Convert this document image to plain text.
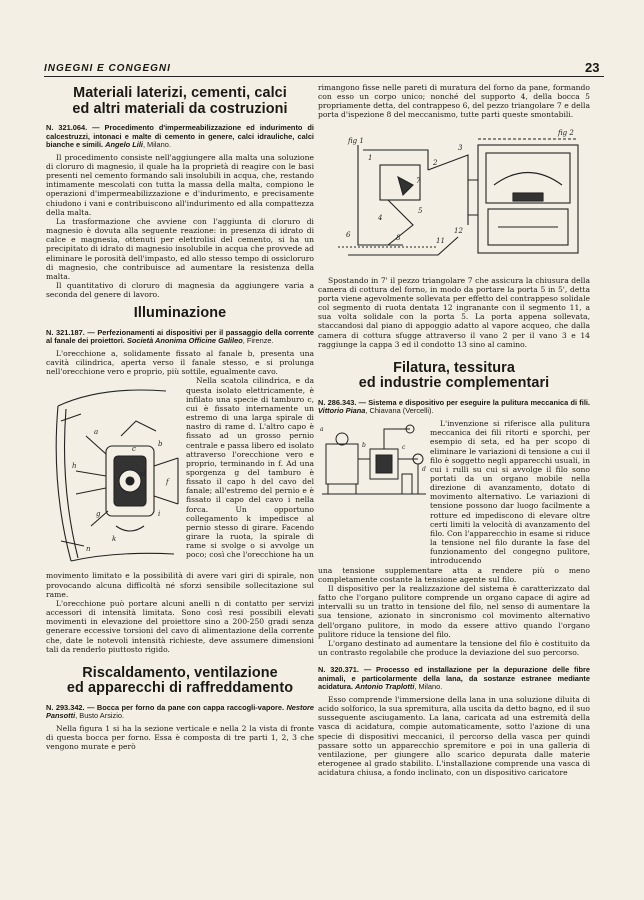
INGEGNI E CONGEGNI	23

Materiali laterizi, cementi, calci
ed altri materiali da costruzioni

N. 321.064. — Procedimento d'impermeabilizzazione ed indurimento di calcestruzzi, intonaci e malte di cemento in genere, calci idrauliche, calci bianche e simili. Angelo Lili, Milano.

Il procedimento consiste nell'aggiungere alla malta una soluzione di cloruro di magnesio, il quale ha la proprietà di reagire con le basi presenti nel cemento formando sali insolubili in acqua, che, restando intimamente mescolati con tutta la massa della malta, compiono le operazioni d'impermeabilizzazione e d'indurimento, e precisamente chiudono i vani e contribuiscono all'indurimento ed alla compattezza della malta.

La trasformazione che avviene con l'aggiunta di cloruro di magnesio è dovuta alla seguente reazione: in presenza di idrato di calce e magnesia, ottenuti per elettrolisi del cemento, si ha un precipitato di idrato di magnesio insolubile in acqua che provvede ad eliminare le porosità dell'impasto, ed allo stesso tempo di ossicloruro di magnesio, che contribuisce ad aumentare la resistenza della malta.

Il quantitativo di cloruro di magnesia da aggiungere varia a seconda del genere di lavoro.

Illuminazione

N. 321.187. — Perfezionamenti ai dispositivi per il passaggio della corrente al fanale dei proiettori. Società Anonima Officine Galileo, Firenze.

L'orecchione a, solidamente fissato al fanale b, presenta una cavità cilindrica, aperta verso il fanale stesso, e si prolunga nell'orecchione vero e proprio, più sottile, egualmente cavo.

a
b
c
d
f
g
h
i
k
n

Nella scatola cilindrica, e da questa isolato elettricamente, è infilato una specie di tamburo c, cui è fissato internamente un estremo di una larga spirale di nastro di rame d. L'altro capo è fissato ad un grosso pernio centrale e passa libero ed isolato attraverso l'orecchione vero e proprio, terminando in f. Ad una sporgenza g del tamburo è fissato il capo h del cavo del fanale; all'estremo del pernio e è fissato il capo del cavo i nella forca. Un opportuno collegamento k impedisce al pernio stesso di girare. Facendo girare la ruota, la spirale di rame si svolge o si avvolge un poco; così che l'orecchione ha un

movimento limitato e la possibilità di avere vari giri di spirale, non provocando alcuna difficoltà né sforzi sensibile sollecitazione sul rame.

L'orecchione può portare alcuni anelli n di contatto per servizi accessori di intensità limitata. Sono così resi possibili elevati movimenti in elevazione del proiettore sino a 200-250 gradi senza generare eccessive torsioni del cavo di alimentazione della corrente che, date le notevoli intensità richieste, deve assumere dimensioni tali da renderlo piuttosto rigido.

Riscaldamento, ventilazione
ed apparecchi di raffreddamento

N. 293.342. — Bocca per forno da pane con cappa raccogli-vapore. Nestore Pansotti, Busto Arsizio.

Nella figura 1 si ha la sezione verticale e nella 2 la vista di fronte di questa bocca per forno. Essa è composta di tre parti 1, 2, 3 che vengono murate e però

rimangono fisse nelle pareti di muratura del forno da pane, formando con esso un corpo unico; nonché del supporto 4, della bocca 5 propriamente detta, del contrappeso 6, del pezzo triangolare 7 e della porta d'ispezione 8 del meccanismo, tutte parti queste smontabili.

fig 1
fig 2
1
2
3
4
5
6
7
8	11
12

Spostando in 7' il pezzo triangolare 7 che assicura la chiusura della camera di cottura del forno, in modo da portare la porta 5 in 5', detta porta viene agevolmente sollevata per effetto del contrappeso solidale col segmento di ruota dentata 12 ingranante con il segmento 11, a sua volta solidale con la porta 5. La porta appena sollevata, staccandosi dal piano di appoggio adatto al vapore acqueo, che dalla camera di cottura sfugge attraverso il vano 2 per il vano 3 e 14 raggiunge la cappa 3 ed il condotto 13 sino al camino.

Filatura, tessitura
ed industrie complementari

N. 286.343. — Sistema e dispositivo per eseguire la pulitura meccanica di fili. Vittorio Piana, Chiavana (Vercelli).

a
b	c
d

L'invenzione si riferisce alla pulitura meccanica dei fili ritorti e sporchi, per esempio di seta, ed ha per scopo di eliminare le variazioni di tensione a cui il filo è soggetto negli apparecchi usuali, in cui i rulli su cui si avvolge il filo sono portati da un organo mobile nella direzione di avanzamento, dotato di movimento alternativo. Le variazioni di tensione possono dar luogo facilmente a rotture ed impediscono di elevare oltre certi limiti la velocità di avanzamento del filo. Con l'apparecchio in esame si riduce la tensione nel filo durante la fase del funzionamento del congegno pulitore, introducendo

una tensione supplementare atta a rendere più o meno completamente costante la tensione agente sul filo.

Il dispositivo per la realizzazione del sistema è caratterizzato dal fatto che l'organo pulitore comprende un organo capace di agire ad intervalli su un tratto in tensione del filo, nel senso di aumentare la sua tensione, azionato in sincronismo col movimento alternativo dell'organo pulitore, in modo da essere attivo quando l'organo pulitore riduce la tensione del filo.

L'organo destinato ad aumentare la tensione del filo è costituito da un contrasto regolabile che produce la deviazione del suo percorso.

N. 320.371. — Processo ed installazione per la depurazione delle fibre animali, e particolarmente della lana, da sostanze estranee mediante acidatura. Antonio Traplotti, Milano.

Esso comprende l'immersione della lana in una soluzione diluita di acido solforico, la sua spremitura, alla uscita da detto bagno, ed il suo susseguente asciugamento. La lana, caricata ad una estremità della vasca di acidatura, compie automaticamente, sotto l'azione di una specie di dispositivi meccanici, il percorso della vasca per quindi passare sotto un apparecchio spremitore e poi in una galleria di ventilazione, per giungere allo scarico depurata dalle materie eterogenee al grado stabilito. L'installazione comprende una vasca di acidatura chiusa, a fondo inclinato, con un dispositivo caricatore
